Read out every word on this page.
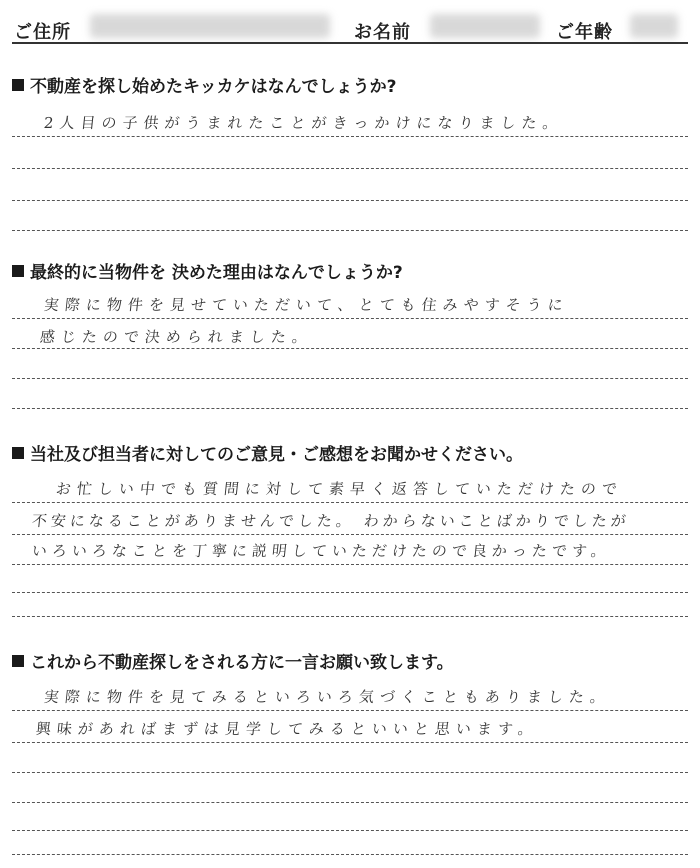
ご住所	お名前	ご年齢
不動産を探し始めたキッカケはなんでしょうか?
2人目の子供がうまれたことがきっかけになりました。
最終的に当物件を 決めた理由はなんでしょうか?
実際に物件を見せていただいて、とても住みやすそうに
感じたので決められました。
当社及び担当者に対してのご意見・ご感想をお聞かせください。
お忙しい中でも質問に対して素早く返答していただけたので
不安になることがありませんでした。 わからないことばかりでしたが
いろいろなことを丁寧に説明していただけたので良かったです。
これから不動産探しをされる方に一言お願い致します。
実際に物件を見てみるといろいろ気づくこともありました。
興味があればまずは見学してみるといいと思います。
